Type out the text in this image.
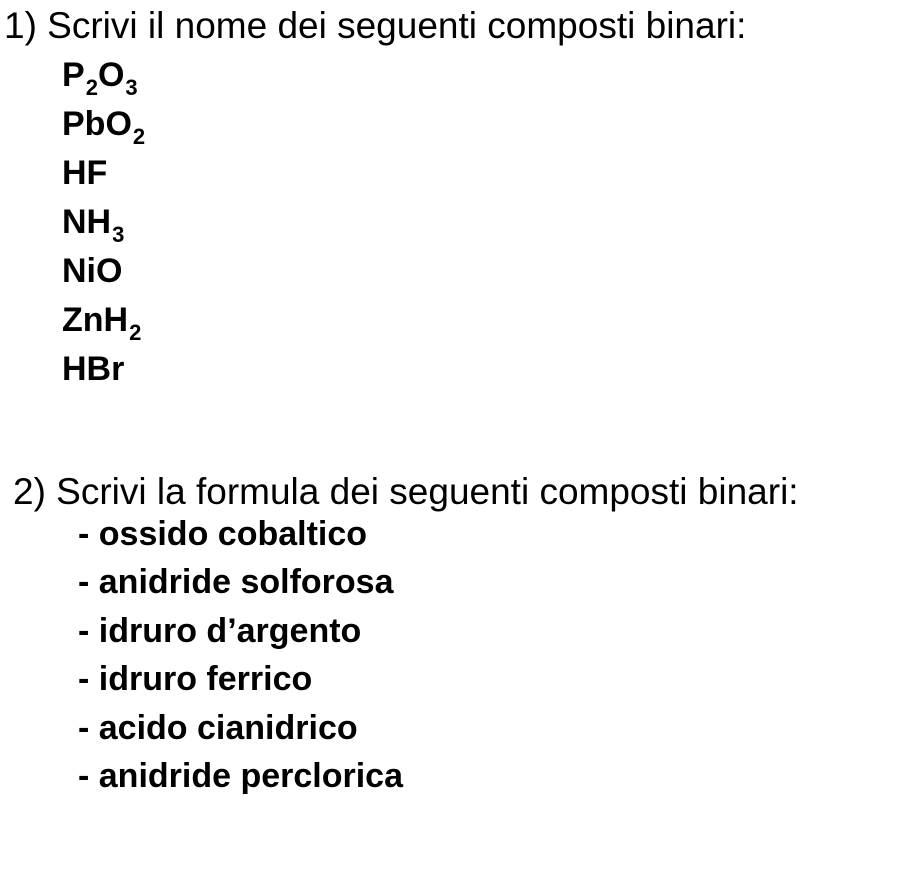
1) Scrivi il nome dei seguenti composti binari:
$P_2O_3$
PbO$_2$
HF
$NH_3$
NiO
ZnH$_2$
HBr
2) Scrivi la formula dei seguenti composti binari:
- ossido cobaltico
- anidride solforosa
- idruro d’argento
- idruro ferrico
- acido cianidrico
- anidride perclorica
